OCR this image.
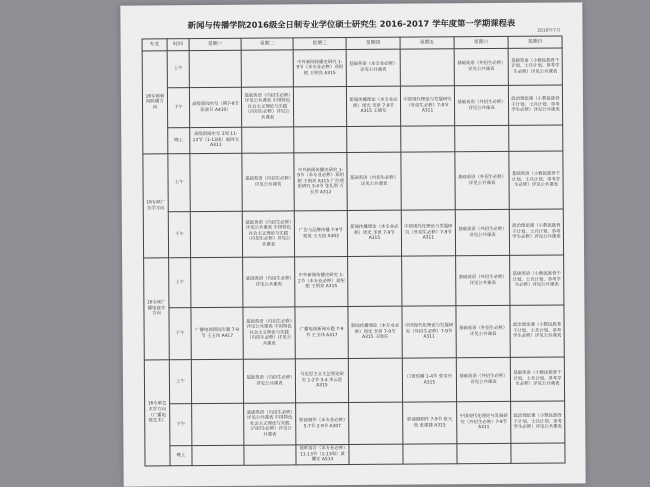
新闻与传播学院2016级全日制专业学位硕士研究生 2016-2017 学年度第一学期课程表
2016年7月
专业	时间	星期一	星期二	星期三	星期四	星期五	星期六	星期日
16专硕新闻传播方向	上午			中外新闻传播史研究 1-9节（本专业必修）邓绍根 王明亮 A315	基础英语（本专业必修）详见公共课表		基础英语（外招生必修）详见公共课表	基础英语（小数民族骨干计划、士兵计划、单考学生必修）详见公共课表
	下午	高级新闻实写（期7-9节 张景升 A410）	基础英语（内招生必修）详见公共课表 中国特色社会主义理论与实践（内招生必修）详见公共课表		新闻传播理论（本专业必修）周光 李贯 7-9节 A315 王晓东	中国现代理论与发展研究（外招生必修）7-9节 A311	基础英语（外招生必修）详见公共课表	政治理论课（小数民族骨干计划、士兵计划、单考学生必修）详见公共课表
	晚上	高级新闻实写 2周 11-13节（1-13周）赵同文 A311						
16专硕广告学方向	上午		基础英语（内招生必修）详见公共课表	中外新闻传播史研究 1-9节（本专业必修）邓绍根 王明亮 A315 广告理论研究 3-4节 张礼琪 万长华 A312	基础英语（内招生必修）详见公共课表		基础英语（外招生必修）详见公共课表	基础英语（小数民族骨干计划、士兵计划、单考学生必修）详见公共课表
	下午		基础英语（内招生必修）详见公共课表 中国特色社会主义理论与实践（内招生必修）详见公共课表	广告与品牌传播 7-9节 夏英 王天权 A302	新闻传播理论（本专业必修）周光 李贯 7-9节 A315	中国现代化理论与发展研究（外招生必修）7-9节 A311	基础英语（外招生必修）详见公共课表	政治理论课（小数民族骨干计划、士兵计划、单考学生必修）详见公共课表
16专硕广播电视学方向	上午		基础英语（内招生必修）详见公共课表	中外新闻传播史研究 1-2节（本专业必修）邓绍根 王明亮 A315			基础英语（外招生必修）详见公共课表	基础英语（小数民族骨干计划、士兵计划、单考学生必修）详见公共课表
	下午	广播电视新闻专题 7-9节 王玉玮 A417	基础英语（内招生必修）详见公共课表 中国特色社会主义理论与实践（内招生必修）详见公共课表	广播电视新闻专题 7-9节 王玉玮 A317	新闻传播理论（本专业必修）周光 李贯 7-9节 A315 王晓东	中国现代化理论与发展研究（外招生必修）7-9节 A311	基础英语（外招生必修）详见公共课表	政治理论课（小数民族骨干计划、士兵计划、单考学生必修）详见公共课表
16专硕艺术学方向（广播电视艺术）	上午		基础英语（内招生必修）详见公共课表	马克思主义文艺理论研究 1-2节 3-4 李云雷 A315		口语传播 1-4节 张雪丹 A315	基础英语（外招生必修）详见公共课表	基础英语（小数民族骨干计划、士兵计划、单考学生必修）详见公共课表
	下午		基础英语（内招生必修）详见公共课表 中国特色社会主义理论与实践（内招生必修）详见公共课表	影视制作（本专业必修）5-7节 2-9节 A307		影视剧制作 7-9节 张天然 张建捷 A315	中国现代化理论与发展研究（外招生必修）7-9节 A311	政治理论课（小数民族骨干计划、士兵计划、单考学生必修）详见公共课表
	晚上			视听语言（本专业必修）11-13节（1-13周）黄耀宏 A513				
